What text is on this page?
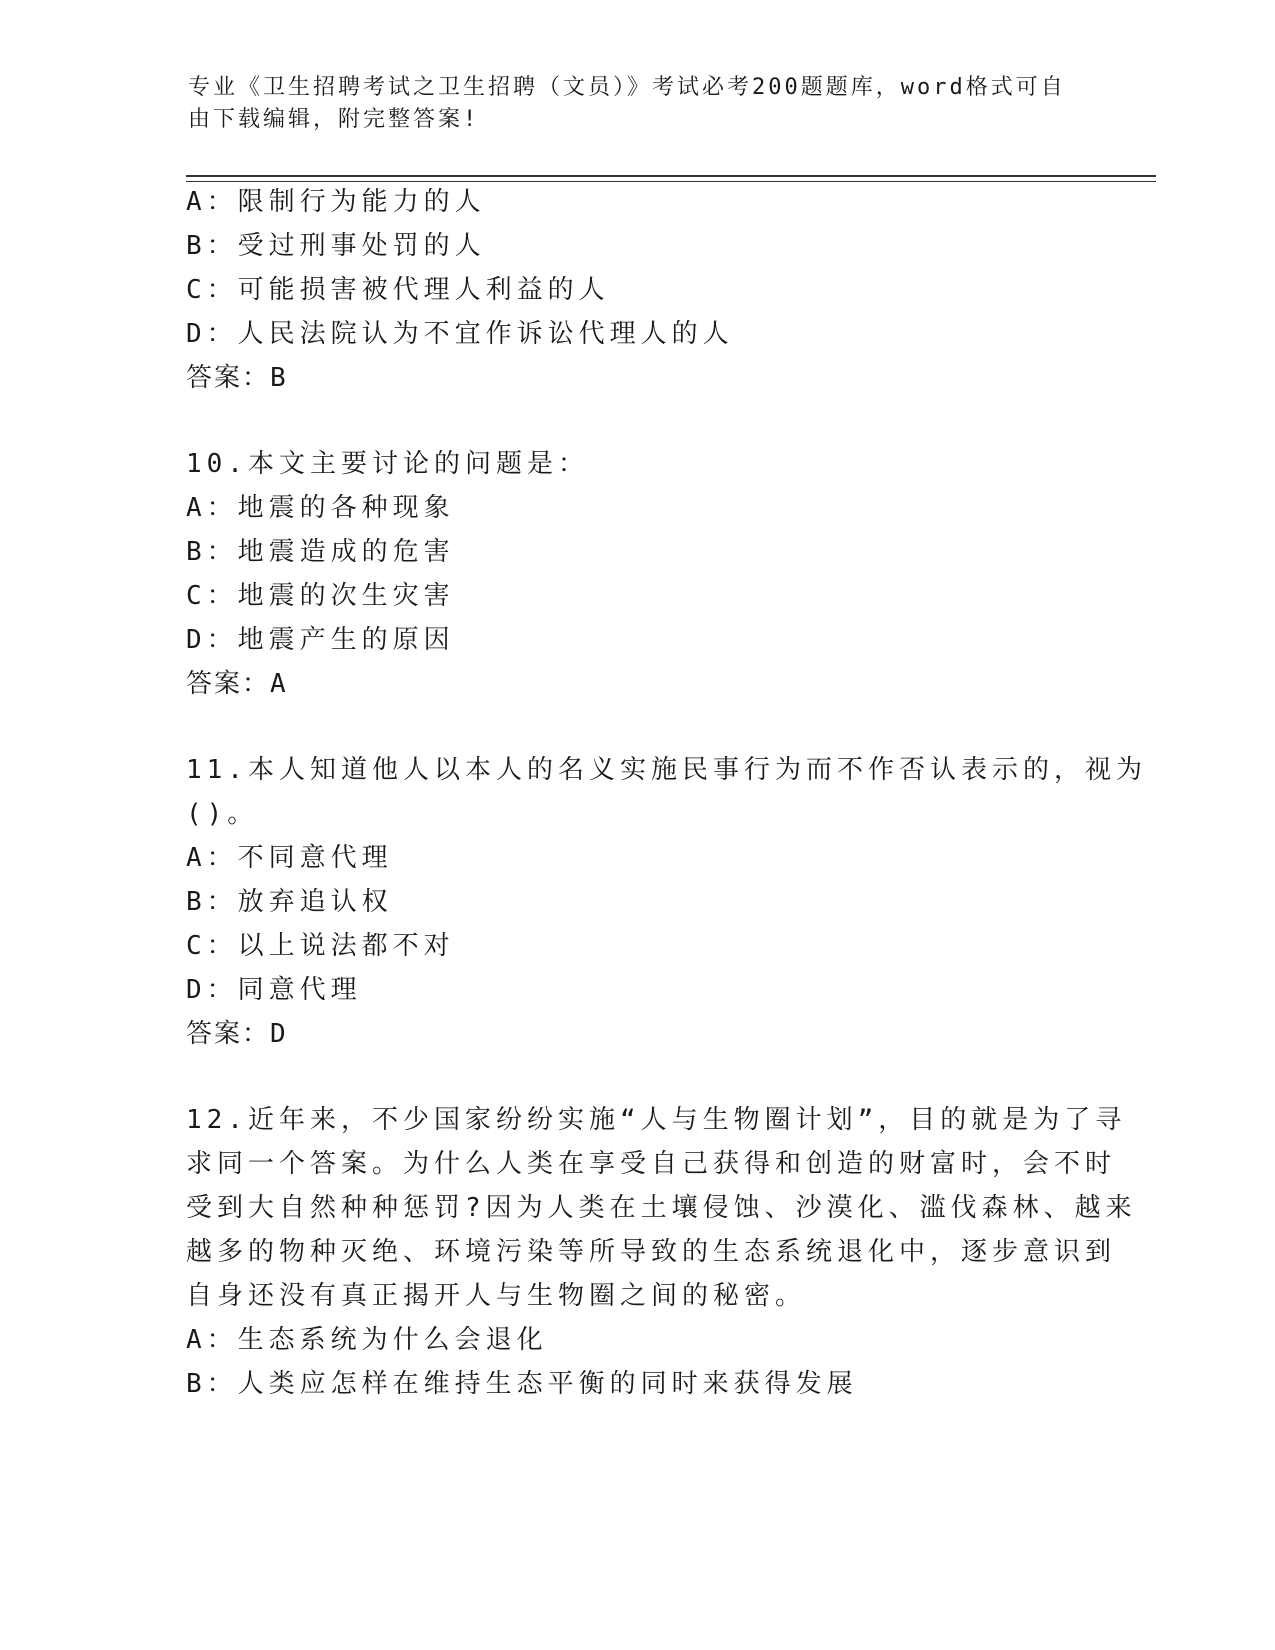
专业《卫生招聘考试之卫生招聘（文员）》考试必考200题题库，word格式可自
由下载编辑，附完整答案!
A：限制行为能力的人
B：受过刑事处罚的人
C：可能损害被代理人利益的人
D：人民法院认为不宜作诉讼代理人的人
答案：B
10.本文主要讨论的问题是：
A：地震的各种现象
B：地震造成的危害
C：地震的次生灾害
D：地震产生的原因
答案：A
11.本人知道他人以本人的名义实施民事行为而不作否认表示的，视为
()。
A：不同意代理
B：放弃追认权
C：以上说法都不对
D：同意代理
答案：D
12.近年来，不少国家纷纷实施“人与生物圈计划”，目的就是为了寻
求同一个答案。为什么人类在享受自己获得和创造的财富时，会不时
受到大自然种种惩罚?因为人类在土壤侵蚀、沙漠化、滥伐森林、越来
越多的物种灭绝、环境污染等所导致的生态系统退化中，逐步意识到
自身还没有真正揭开人与生物圈之间的秘密。
A：生态系统为什么会退化
B：人类应怎样在维持生态平衡的同时来获得发展
